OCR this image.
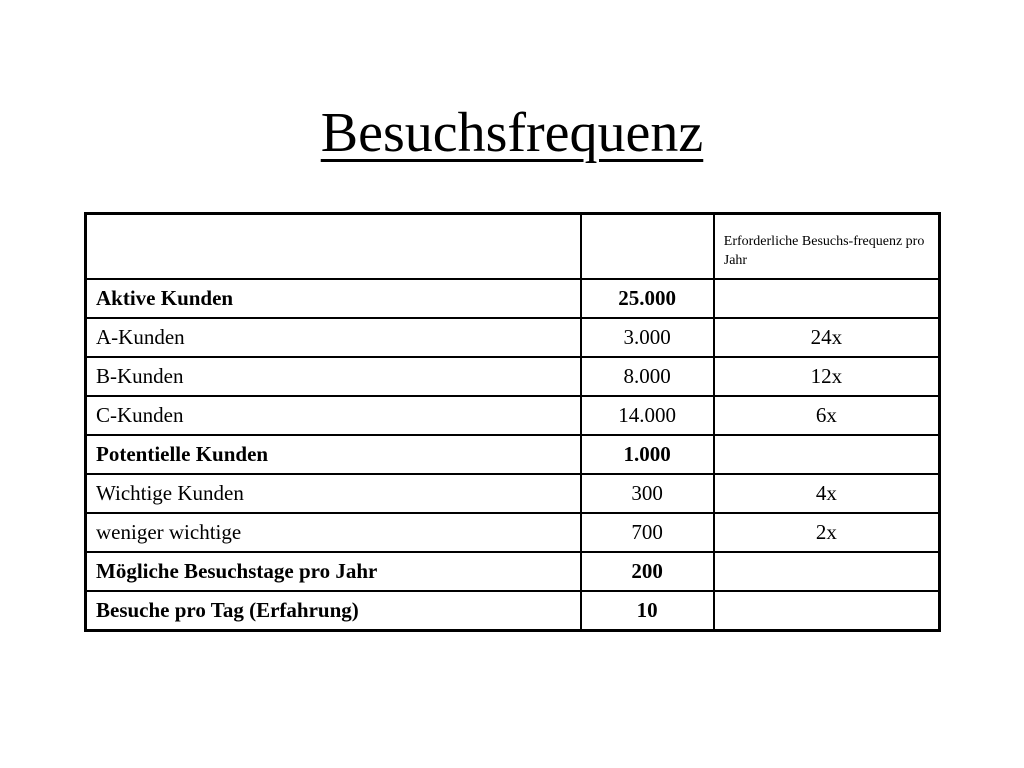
Besuchsfrequenz
		Erforderliche Besuchs-frequenz pro Jahr
Aktive Kunden	25.000	
A-Kunden	3.000	24x
B-Kunden	8.000	12x
C-Kunden	14.000	6x
Potentielle Kunden	1.000	
Wichtige Kunden	300	4x
weniger wichtige	700	2x
Mögliche Besuchstage pro Jahr	200	
Besuche pro Tag (Erfahrung)	10	
